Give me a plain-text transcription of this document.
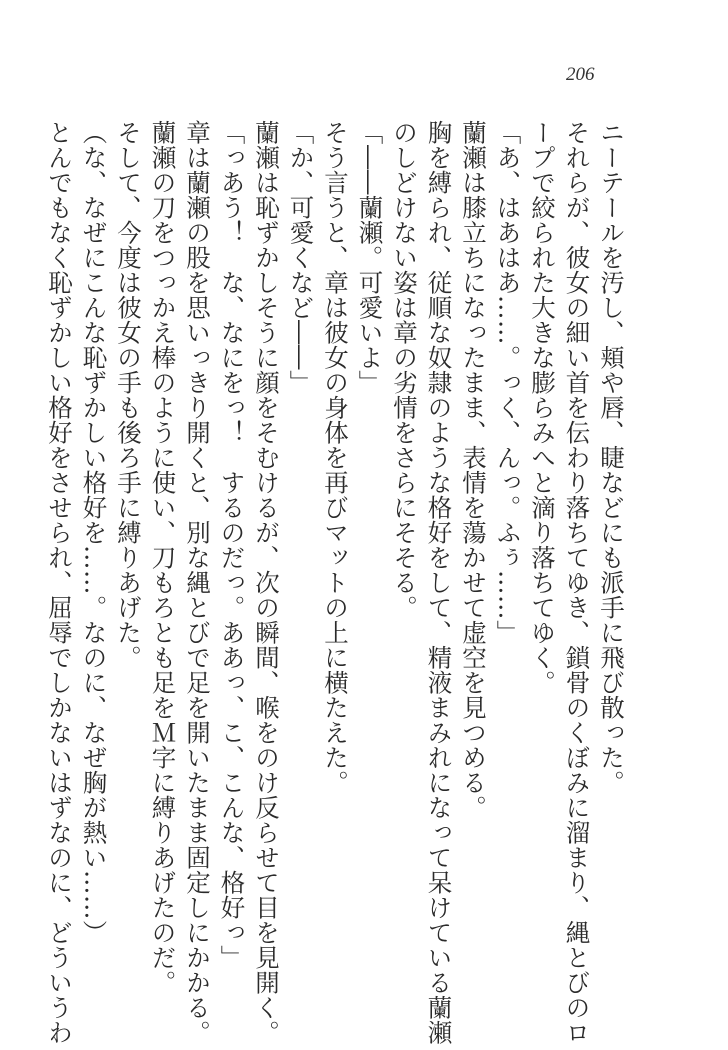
206
ニーテールを汚し、頬や唇、睫などにも派手に飛び散った。
それらが、彼女の細い首を伝わり落ちてゆき、鎖骨のくぼみに溜まり、縄とびのロ
ープで絞られた大きな膨らみへと滴り落ちてゆく。
「あ、はあはあ……。っく、んっ。ふぅ……」
蘭瀬は膝立ちになったまま、表情を蕩かせて虚空を見つめる。
胸を縛られ、従順な奴隷のような格好をして、精液まみれになって呆けている蘭瀬
のしどけない姿は章の劣情をさらにそそる。
「――蘭瀬。可愛いよ」
そう言うと、章は彼女の身体を再びマットの上に横たえた。
「か、可愛くなど――」
蘭瀬は恥ずかしそうに顔をそむけるが、次の瞬間、喉をのけ反らせて目を見開く。
「っあう！　な、なにをっ！　するのだっ。ああっ、こ、こんな、格好っ」
章は蘭瀬の股を思いっきり開くと、別な縄とびで足を開いたまま固定しにかかる。
蘭瀬の刀をつっかえ棒のように使い、刀もろとも足をＭ字に縛りあげたのだ。
そして、今度は彼女の手も後ろ手に縛りあげた。
（な、なぜにこんな恥ずかしい格好を……。なのに、なぜ胸が熱い……）
とんでもなく恥ずかしい格好をさせられ、屈辱でしかないはずなのに、どういうわ
